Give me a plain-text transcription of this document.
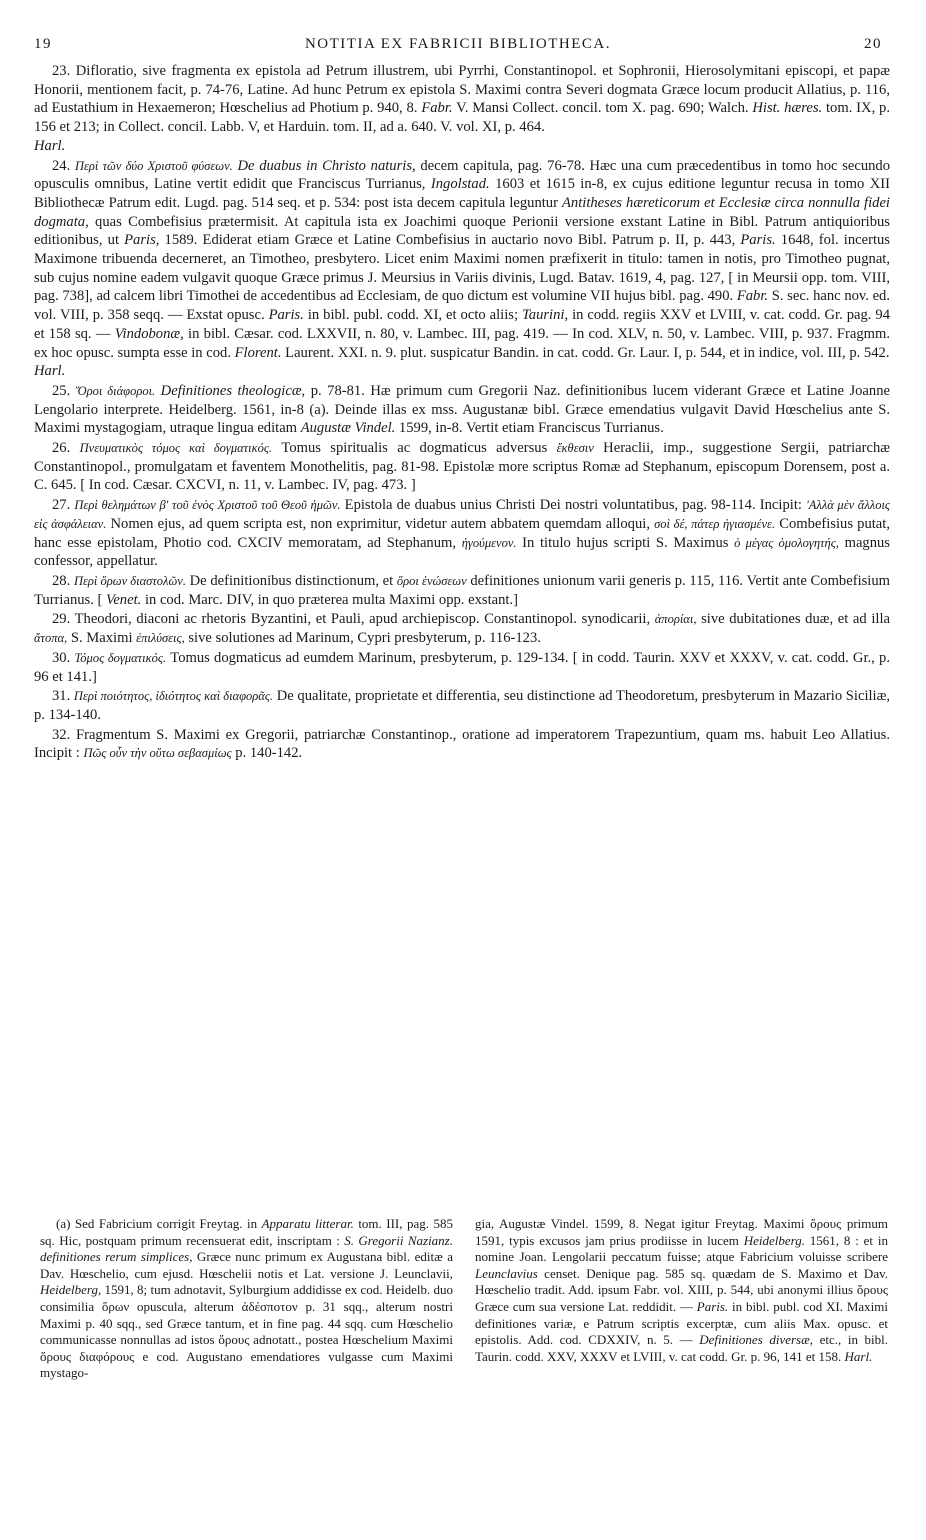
19	NOTITIA EX FABRICII BIBLIOTHECA.	20

23. Difloratio, sive fragmenta ex epistola ad Petrum illustrem, ubi Pyrrhi, Constantinopol. et Sophronii, Hierosolymitani episcopi, et papæ Honorii, mentionem facit, p. 74-76, Latine. Ad hunc Petrum ex epistola S. Maximi contra Severi dogmata Græce locum producit Allatius, p. 116, ad Eustathium in Hexaemeron; Hœschelius ad Photium p. 940, 8. Fabr. V. Mansi Collect. concil. tom X. pag. 690; Walch. Hist. hæres. tom. IX, p. 156 et 213; in Collect. concil. Labb. V, et Harduin. tom. II, ad a. 640. V. vol. XI, p. 464.
Harl.

24. Περὶ τῶν δύο Χριστοῦ φύσεων. De duabus in Christo naturis, decem capitula, pag. 76-78. Hæc una cum præcedentibus in tomo hoc secundo opusculis omnibus, Latine vertit edidit que Franciscus Turrianus, Ingolstad. 1603 et 1615 in-8, ex cujus editione leguntur recusa in tomo XII Bibliothecæ Patrum edit. Lugd. pag. 514 seq. et p. 534: post ista decem capitula leguntur Antitheses hæreticorum et Ecclesiæ circa nonnulla fidei dogmata, quas Combefisius prætermisit. At capitula ista ex Joachimi quoque Perionii versione exstant Latine in Bibl. Patrum antiquioribus editionibus, ut Paris, 1589. Ediderat etiam Græce et Latine Combefisius in auctario novo Bibl. Patrum p. II, p. 443, Paris. 1648, fol. incertus Maximone tribuenda decerneret, an Timotheo, presbytero. Licet enim Maximi nomen præfixerit in titulo: tamen in notis, pro Timotheo pugnat, sub cujus nomine eadem vulgavit quoque Græce primus J. Meursius in Variis divinis, Lugd. Batav. 1619, 4, pag. 127, [ in Meursii opp. tom. VIII, pag. 738], ad calcem libri Timothei de accedentibus ad Ecclesiam, de quo dictum est volumine VII hujus bibl. pag. 490. Fabr. S. sec. hanc nov. ed. vol. VIII, p. 358 seqq. — Exstat opusc. Paris. in bibl. publ. codd. XI, et octo aliis; Taurini, in codd. regiis XXV et LVIII, v. cat. codd. Gr. pag. 94 et 158 sq. — Vindobonæ, in bibl. Cæsar. cod. LXXVII, n. 80, v. Lambec. III, pag. 419. — In cod. XLV, n. 50, v. Lambec. VIII, p. 937. Fragmm. ex hoc opusc. sumpta esse in cod. Florent. Laurent. XXI. n. 9. plut. suspicatur Bandin. in cat. codd. Gr. Laur. I, p. 544, et in indice, vol. III, p. 542.
Harl.

25. Ὅροι διάφοροι. Definitiones theologicæ, p. 78-81. Hæ primum cum Gregorii Naz. definitionibus lucem viderant Græce et Latine Joanne Lengolario interprete. Heidelberg. 1561, in-8 (a). Deinde illas ex mss. Augustanæ bibl. Græce emendatius vulgavit David Hœschelius ante S. Maximi mystagogiam, utraque lingua editam Augustæ Vindel. 1599, in-8. Vertit etiam Franciscus Turrianus.

26. Πνευματικὸς τόμος καὶ δογματικός. Tomus spiritualis ac dogmaticus adversus ἔκθεσιν Heraclii, imp., suggestione Sergii, patriarchæ Constantinopol., promulgatam et faventem Monothelitis, pag. 81-98. Epistolæ more scriptus Romæ ad Stephanum, episcopum Dorensem, post a. C. 645. [ In cod. Cæsar. CXCVI, n. 11, v. Lambec. IV, pag. 473. ]

27. Περὶ θελημάτων β' τοῦ ἑνὸς Χριστοῦ τοῦ Θεοῦ ἡμῶν. Epistola de duabus unius Christi Dei nostri voluntatibus, pag. 98-114. Incipit: 'Αλλὰ μὲν ἄλλοις εἰς ἀσφάλειαν. Nomen ejus, ad quem scripta est, non exprimitur, videtur autem abbatem quemdam alloqui, σοὶ δέ, πάτερ ἠγιασμένε. Combefisius putat, hanc esse epistolam, Photio cod. CXCIV memoratam, ad Stephanum, ἡγούμενον. In titulo hujus scripti S. Maximus ὁ μέγας ὁμολογητής, magnus confessor, appellatur.

28. Περὶ ὅρων διαστολῶν. De definitionibus distinctionum, et ὅροι ἑνώσεων definitiones unionum varii generis p. 115, 116. Vertit ante Combefisium Turrianus. [ Venet. in cod. Marc. DIV, in quo præterea multa Maximi opp. exstant.]

29. Theodori, diaconi ac rhetoris Byzantini, et Pauli, apud archiepiscop. Constantinopol. synodicarii, ἀπορίαι, sive dubitationes duæ, et ad illa ἄτοπα, S. Maximi ἐπιλύσεις, sive solutiones ad Marinum, Cypri presbyterum, p. 116-123.

30. Τόμος δογματικός. Tomus dogmaticus ad eumdem Marinum, presbyterum, p. 129-134. [ in codd. Taurin. XXV et XXXV, v. cat. codd. Gr., p. 96 et 141.]

31. Περὶ ποιότητος, ἰδιότητος καὶ διαφορᾶς. De qualitate, proprietate et differentia, seu distinctione ad Theodoretum, presbyterum in Mazario Siciliæ, p. 134-140.

32. Fragmentum S. Maximi ex Gregorii, patriarchæ Constantinop., oratione ad imperatorem Trapezuntium, quam ms. habuit Leo Allatius. Incipit : Πῶς οὖν τὴν οὕτω σεβασμίως p. 140-142.

(a) Sed Fabricium corrigit Freytag. in Apparatu litterar. tom. III, pag. 585 sq. Hic, postquam primum recensuerat edit, inscriptam : S. Gregorii Nazianz. definitiones rerum simplices, Græce nunc primum ex Augustana bibl. editæ a Dav. Hœschelio, cum ejusd. Hœschelii notis et Lat. versione J. Leunclavii, Heidelberg, 1591, 8; tum adnotavit, Sylburgium addidisse ex cod. Heidelb. duo consimilia ὅρων opuscula, alterum ἀδέσποτον p. 31 sqq., alterum nostri Maximi p. 40 sqq., sed Græce tantum, et in fine pag. 44 sqq. cum Hœschelio communicasse nonnullas ad istos ὅρους adnotatt., postea Hœschelium Maximi ὅρους διαφόρους e cod. Augustano emendatiores vulgasse cum Maximi mystago-

gia, Augustæ Vindel. 1599, 8. Negat igitur Freytag. Maximi ὅρους primum 1591, typis excusos jam prius prodiisse in lucem Heidelberg. 1561, 8 : et in nomine Joan. Lengolarii peccatum fuisse; atque Fabricium voluisse scribere Leunclavius censet. Denique pag. 585 sq. quædam de S. Maximo et Dav. Hœschelio tradit. Add. ipsum Fabr. vol. XIII, p. 544, ubi anonymi illius ὅρους Græce cum sua versione Lat. reddidit. — Paris. in bibl. publ. cod XI. Maximi definitiones variæ, e Patrum scriptis excerptæ, cum aliis Max. opusc. et epistolis. Add. cod. CDXXIV, n. 5. — Definitiones diversæ, etc., in bibl. Taurin. codd. XXV, XXXV et LVIII, v. cat codd. Gr. p. 96, 141 et 158. Harl.
